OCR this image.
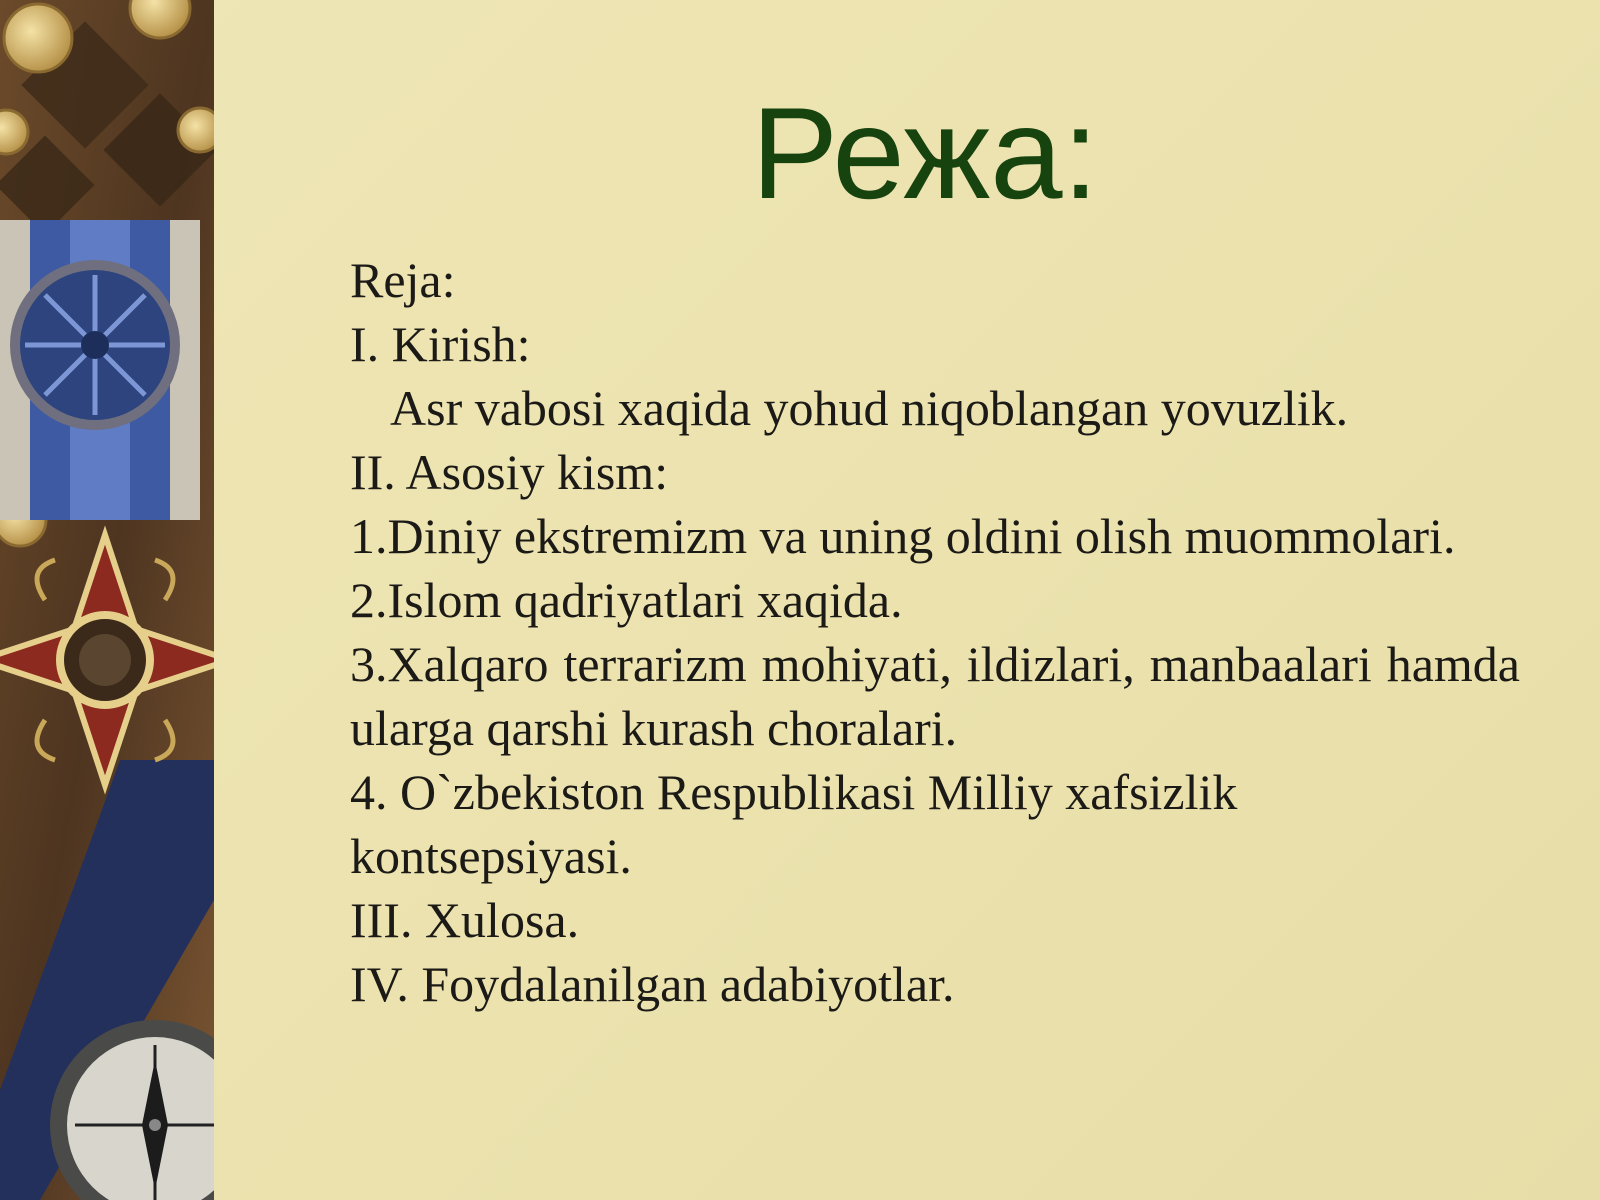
Режа:
Reja:
I. Kirish:
Asr vabosi xaqida yohud niqoblangan yovuzlik.
II. Asosiy kism:
1.Diniy ekstremizm va uning oldini olish muommolari.
2.Islom qadriyatlari xaqida.
3.Xalqaro terrarizm mohiyati, ildizlari, manbaalari hamda ularga qarshi kurash choralari.
4. O`zbekiston Respublikasi Milliy xafsizlik kontsepsiyasi.
III. Xulosa.
IV. Foydalanilgan adabiyotlar.
